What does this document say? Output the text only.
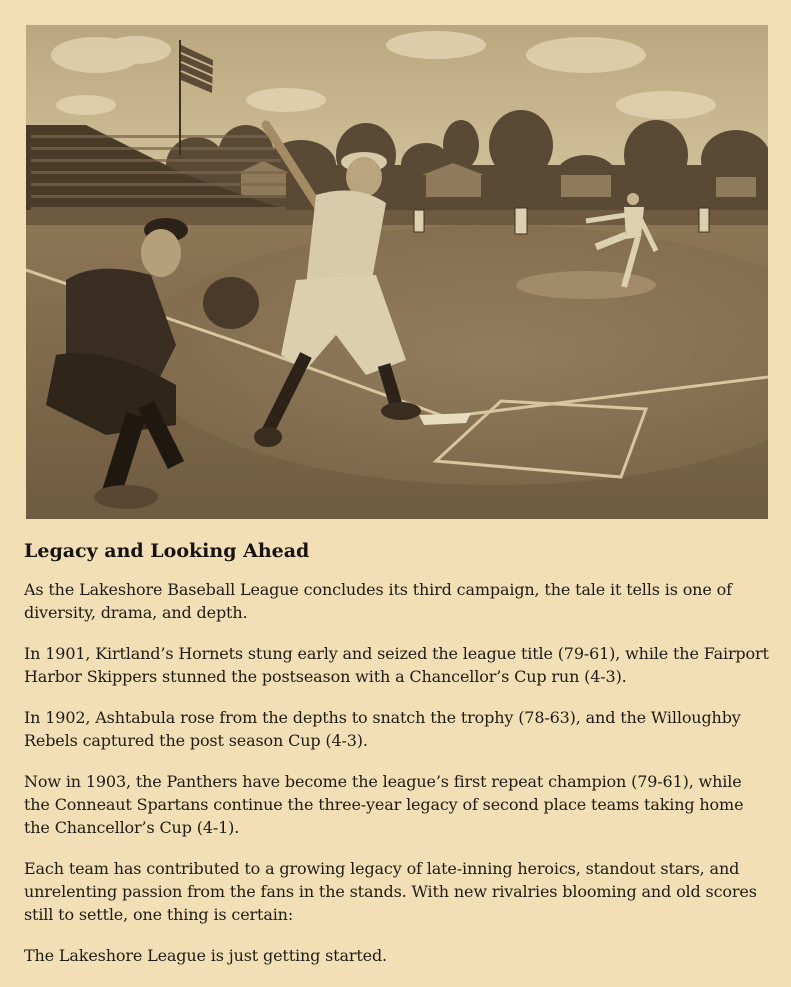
Legacy and Looking Ahead

As the Lakeshore Baseball League concludes its third campaign, the tale it tells is one of diversity, drama, and depth.

In 1901, Kirtland’s Hornets stung early and seized the league title (79-61), while the Fairport Harbor Skippers stunned the postseason with a Chancellor’s Cup run (4-3).

In 1902, Ashtabula rose from the depths to snatch the trophy (78-63), and the Willoughby Rebels captured the post season Cup (4-3).

Now in 1903, the Panthers have become the league’s first repeat champion (79-61), while the Conneaut Spartans continue the three-year legacy of second place teams taking home the Chancellor’s Cup (4-1).

Each team has contributed to a growing legacy of late-inning heroics, standout stars, and unrelenting passion from the fans in the stands. With new rivalries blooming and old scores still to settle, one thing is certain:

The Lakeshore League is just getting started.
